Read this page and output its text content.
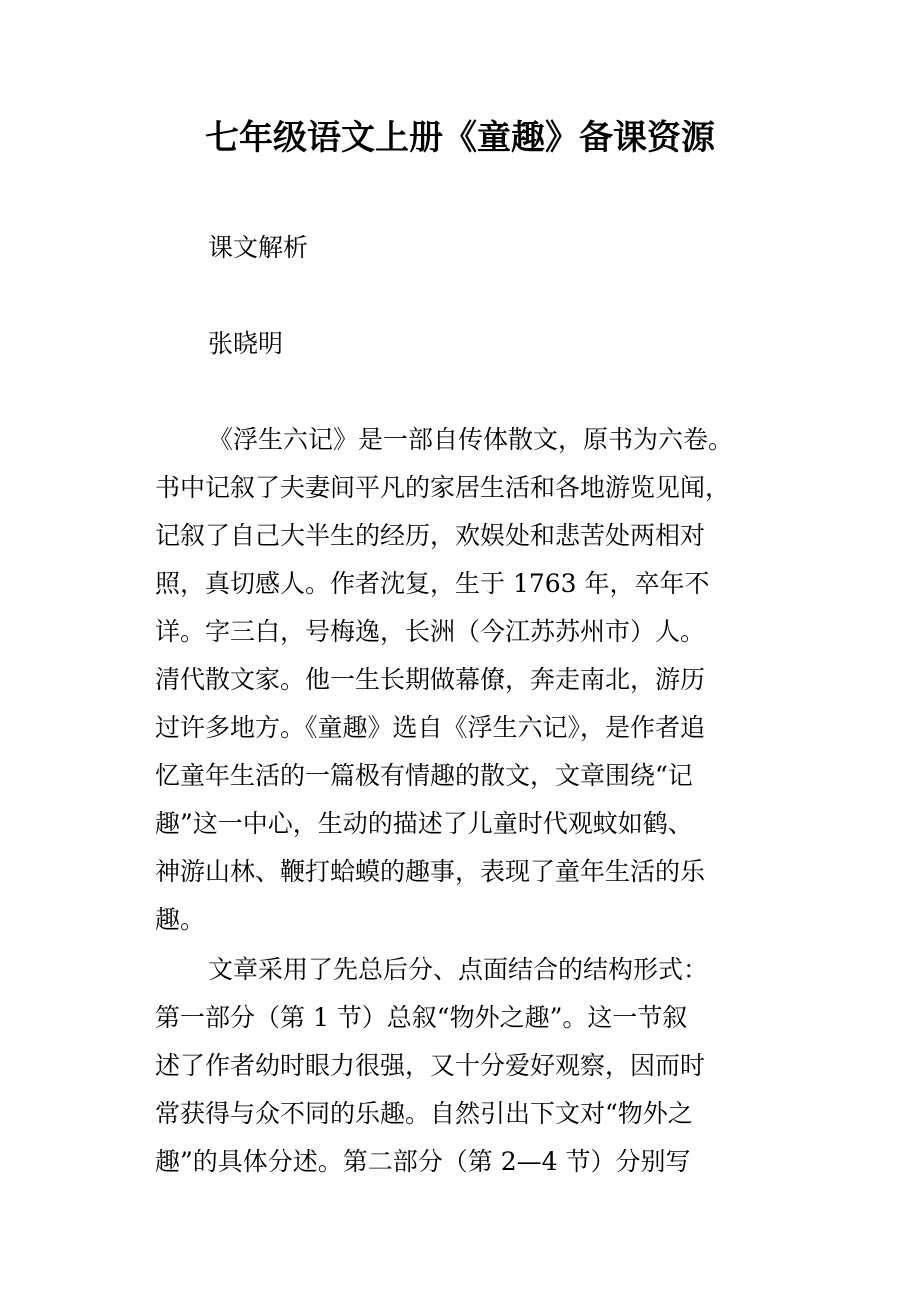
七年级语文上册《童趣》备课资源

课文解析

张晓明

《浮生六记》是一部自传体散文，原书为六卷。

书中记叙了夫妻间平凡的家居生活和各地游览见闻，

记叙了自己大半生的经历，欢娱处和悲苦处两相对

照，真切感人。作者沈复，生于 1763 年，卒年不

详。字三白，号梅逸，长洲（今江苏苏州市）人。

清代散文家。他一生长期做幕僚，奔走南北，游历

过许多地方。《童趣》选自《浮生六记》，是作者追

忆童年生活的一篇极有情趣的散文，文章围绕“记

趣”这一中心，生动的描述了儿童时代观蚊如鹤、

神游山林、鞭打蛤蟆的趣事，表现了童年生活的乐

趣。

文章采用了先总后分、点面结合的结构形式：

第一部分（第 1 节）总叙“物外之趣”。这一节叙

述了作者幼时眼力很强，又十分爱好观察，因而时

常获得与众不同的乐趣。自然引出下文对“物外之

趣”的具体分述。第二部分（第 2—4 节）分别写
